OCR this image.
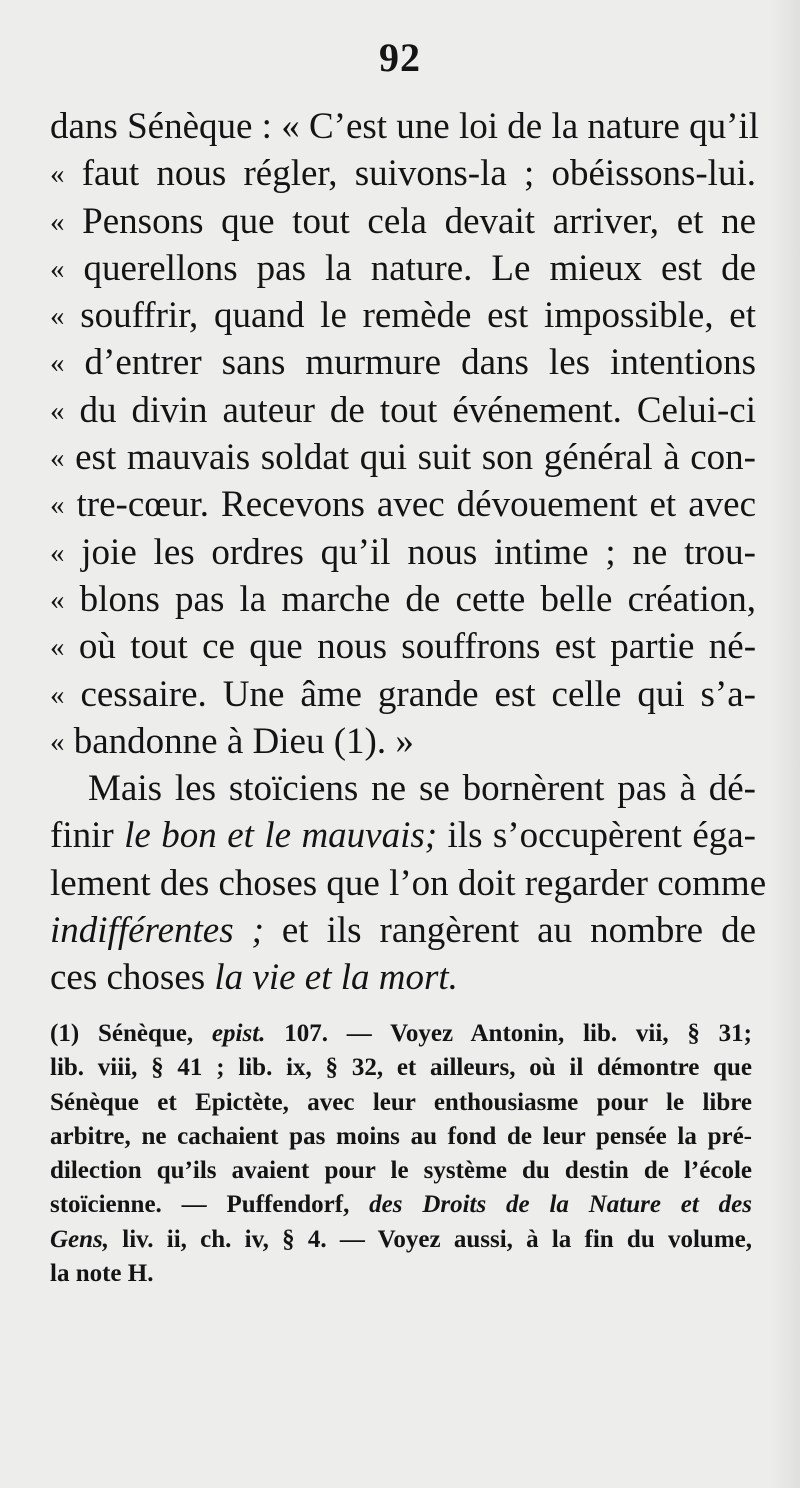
92
dans Sénèque : « C’est une loi de la nature qu’il
« faut nous régler, suivons-la ; obéissons-lui.
« Pensons que tout cela devait arriver, et ne
« querellons pas la nature. Le mieux est de
« souffrir, quand le remède est impossible, et
« d’entrer sans murmure dans les intentions
« du divin auteur de tout événement. Celui-ci
« est mauvais soldat qui suit son général à con-
« tre-cœur. Recevons avec dévouement et avec
« joie les ordres qu’il nous intime ; ne trou-
« blons pas la marche de cette belle création,
« où tout ce que nous souffrons est partie né-
« cessaire. Une âme grande est celle qui s’a-
« bandonne à Dieu (1). »
Mais les stoïciens ne se bornèrent pas à dé-
finir le bon et le mauvais; ils s’occupèrent éga-
lement des choses que l’on doit regarder comme
indifférentes ; et ils rangèrent au nombre de
ces choses la vie et la mort.
(1) Sénèque, epist. 107. — Voyez Antonin, lib. vii, § 31;
lib. viii, § 41 ; lib. ix, § 32, et ailleurs, où il démontre que
Sénèque et Epictète, avec leur enthousiasme pour le libre
arbitre, ne cachaient pas moins au fond de leur pensée la pré-
dilection qu’ils avaient pour le système du destin de l’école
stoïcienne. — Puffendorf, des Droits de la Nature et des
Gens, liv. ii, ch. iv, § 4. — Voyez aussi, à la fin du volume,
la note H.
